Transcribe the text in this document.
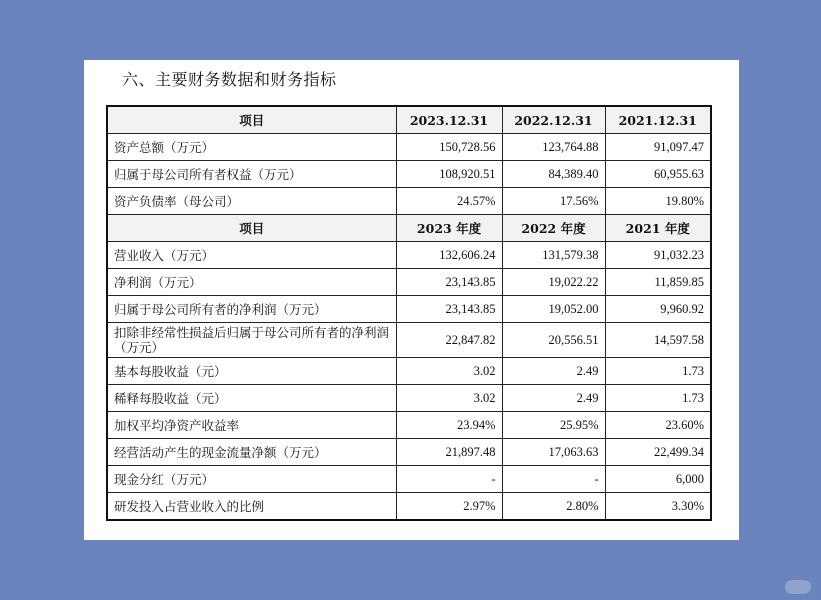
六、主要财务数据和财务指标
项目	2023.12.31	2022.12.31	2021.12.31
资产总额（万元）	150,728.56	123,764.88	91,097.47
归属于母公司所有者权益（万元）	108,920.51	84,389.40	60,955.63
资产负债率（母公司）	24.57%	17.56%	19.80%
项目	2023 年度	2022 年度	2021 年度
营业收入（万元）	132,606.24	131,579.38	91,032.23
净利润（万元）	23,143.85	19,022.22	11,859.85
归属于母公司所有者的净利润（万元）	23,143.85	19,052.00	9,960.92
扣除非经常性损益后归属于母公司所有者的净利润（万元）	22,847.82	20,556.51	14,597.58
基本每股收益（元）	3.02	2.49	1.73
稀释每股收益（元）	3.02	2.49	1.73
加权平均净资产收益率	23.94%	25.95%	23.60%
经营活动产生的现金流量净额（万元）	21,897.48	17,063.63	22,499.34
现金分红（万元）	-	-	6,000
研发投入占营业收入的比例	2.97%	2.80%	3.30%
